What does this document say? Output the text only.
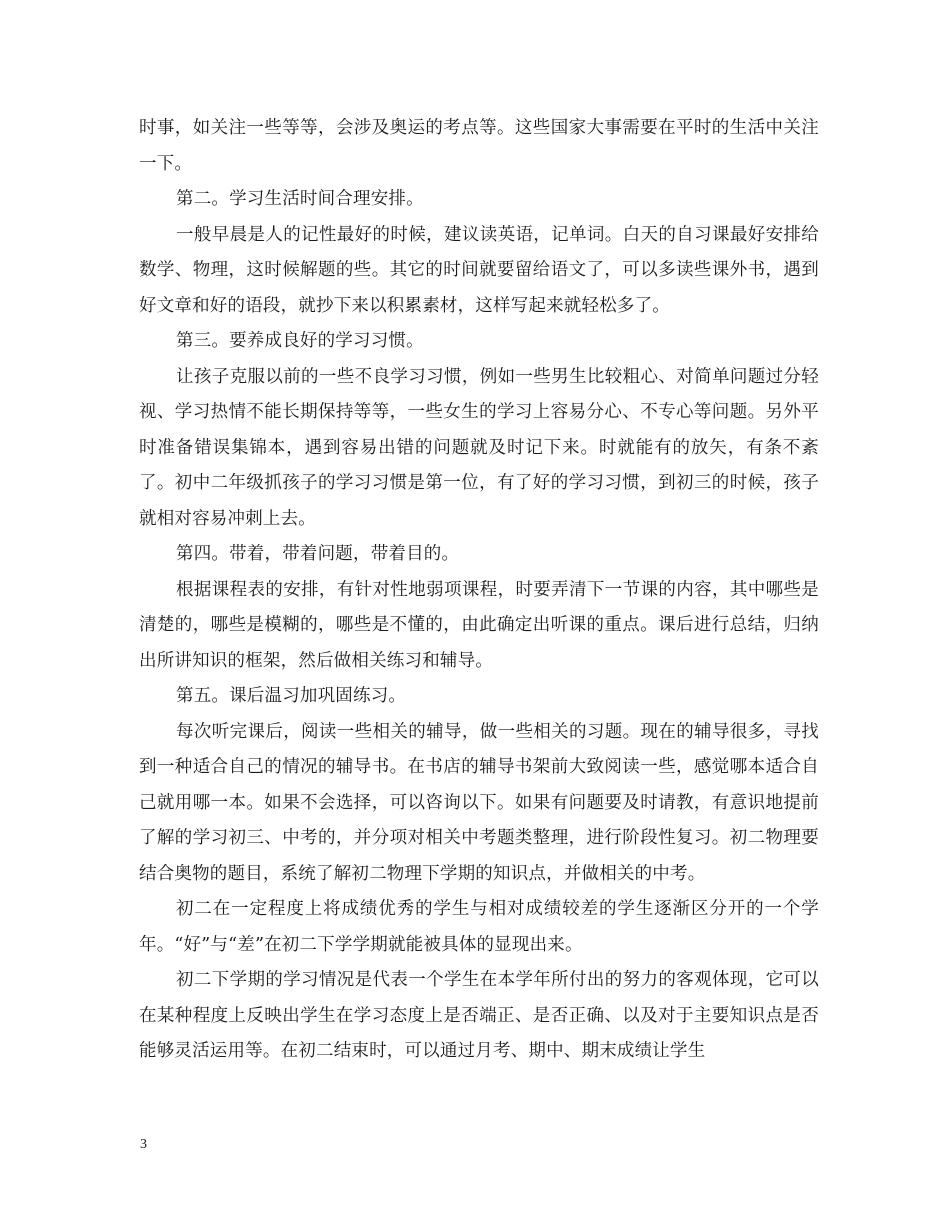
时事，如关注一些等等，会涉及奥运的考点等。这些国家大事需要在平时的生活中关注一下。

第二。学习生活时间合理安排。

一般早晨是人的记性最好的时候，建议读英语，记单词。白天的自习课最好安排给数学、物理，这时候解题的些。其它的时间就要留给语文了，可以多读些课外书，遇到好文章和好的语段，就抄下来以积累素材，这样写起来就轻松多了。

第三。要养成良好的学习习惯。

让孩子克服以前的一些不良学习习惯，例如一些男生比较粗心、对简单问题过分轻视、学习热情不能长期保持等等，一些女生的学习上容易分心、不专心等问题。另外平时准备错误集锦本，遇到容易出错的问题就及时记下来。时就能有的放矢，有条不紊了。初中二年级抓孩子的学习习惯是第一位，有了好的学习习惯，到初三的时候，孩子就相对容易冲刺上去。

第四。带着，带着问题，带着目的。

根据课程表的安排，有针对性地弱项课程，时要弄清下一节课的内容，其中哪些是清楚的，哪些是模糊的，哪些是不懂的，由此确定出听课的重点。课后进行总结，归纳出所讲知识的框架，然后做相关练习和辅导。

第五。课后温习加巩固练习。

每次听完课后，阅读一些相关的辅导，做一些相关的习题。现在的辅导很多，寻找到一种适合自己的情况的辅导书。在书店的辅导书架前大致阅读一些，感觉哪本适合自己就用哪一本。如果不会选择，可以咨询以下。如果有问题要及时请教，有意识地提前了解的学习初三、中考的，并分项对相关中考题类整理，进行阶段性复习。初二物理要结合奥物的题目，系统了解初二物理下学期的知识点，并做相关的中考。

初二在一定程度上将成绩优秀的学生与相对成绩较差的学生逐渐区分开的一个学年。“好”与“差”在初二下学学期就能被具体的显现出来。

初二下学期的学习情况是代表一个学生在本学年所付出的努力的客观体现，它可以在某种程度上反映出学生在学习态度上是否端正、是否正确、以及对于主要知识点是否能够灵活运用等。在初二结束时，可以通过月考、期中、期末成绩让学生

3
